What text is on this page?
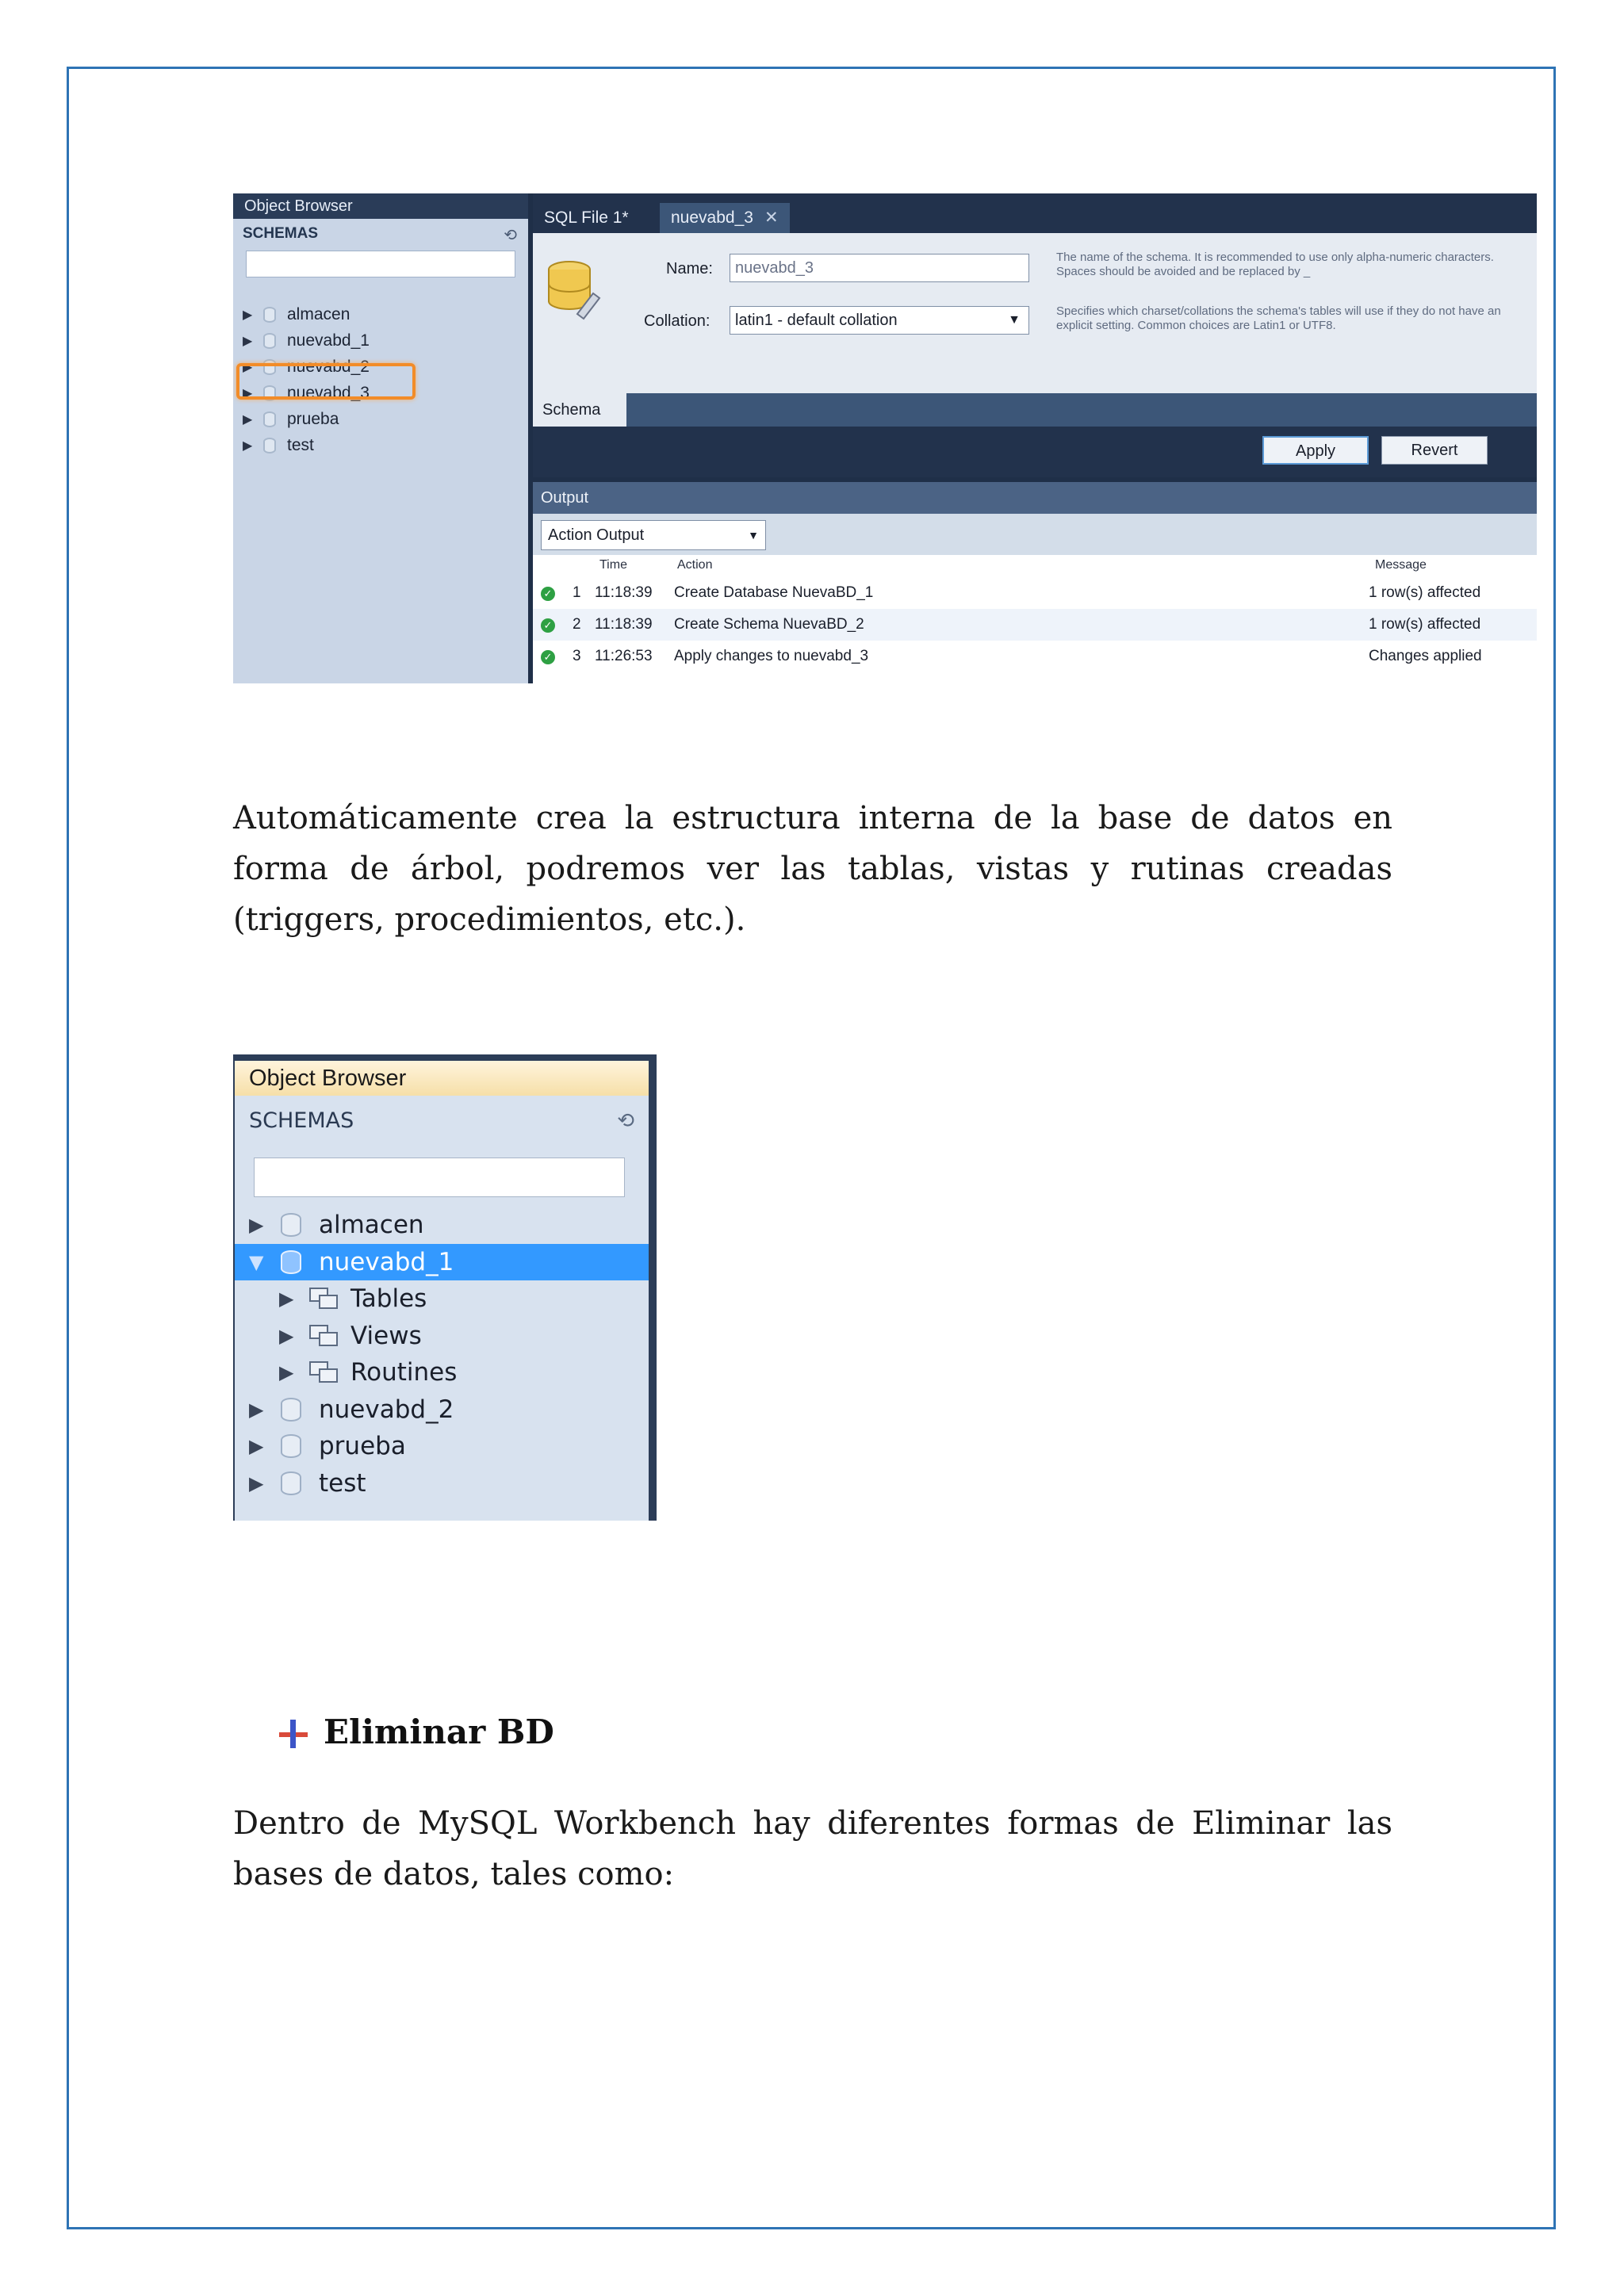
Object Browser
SCHEMAS	⟲
▶	almacen
▶	nuevabd_1
▶	nuevabd_2
▶	nuevabd_3
▶	prueba
▶	test
SQL File 1*	nuevabd_3 ✕
Name:	nuevabd_3
Collation:	latin1 - default collation	▼
The name of the schema. It is recommended to use only alpha-numeric characters. Spaces should be avoided and be replaced by _
Specifies which charset/collations the schema's tables will use if they do not have an explicit setting. Common choices are Latin1 or UTF8.
Schema
Apply	Revert
Output
Action Output	▼
Time	Action	Message
✓ 1 11:18:39 Create Database NuevaBD_1	1 row(s) affected
✓ 2 11:18:39 Create Schema NuevaBD_2	1 row(s) affected
✓ 3 11:26:53 Apply changes to nuevabd_3	Changes applied

Automáticamente crea la estructura interna de la base de datos en forma de árbol, podremos ver las tablas, vistas y rutinas creadas (triggers, procedimientos, etc.).

Object Browser
SCHEMAS	⟲
▶	almacen
▼	nuevabd_1
▶	Tables
▶	Views
▶	Routines
▶	nuevabd_2
▶	prueba
▶	test
Eliminar BD

Dentro de MySQL Workbench hay diferentes formas de Eliminar las bases de datos, tales como:
